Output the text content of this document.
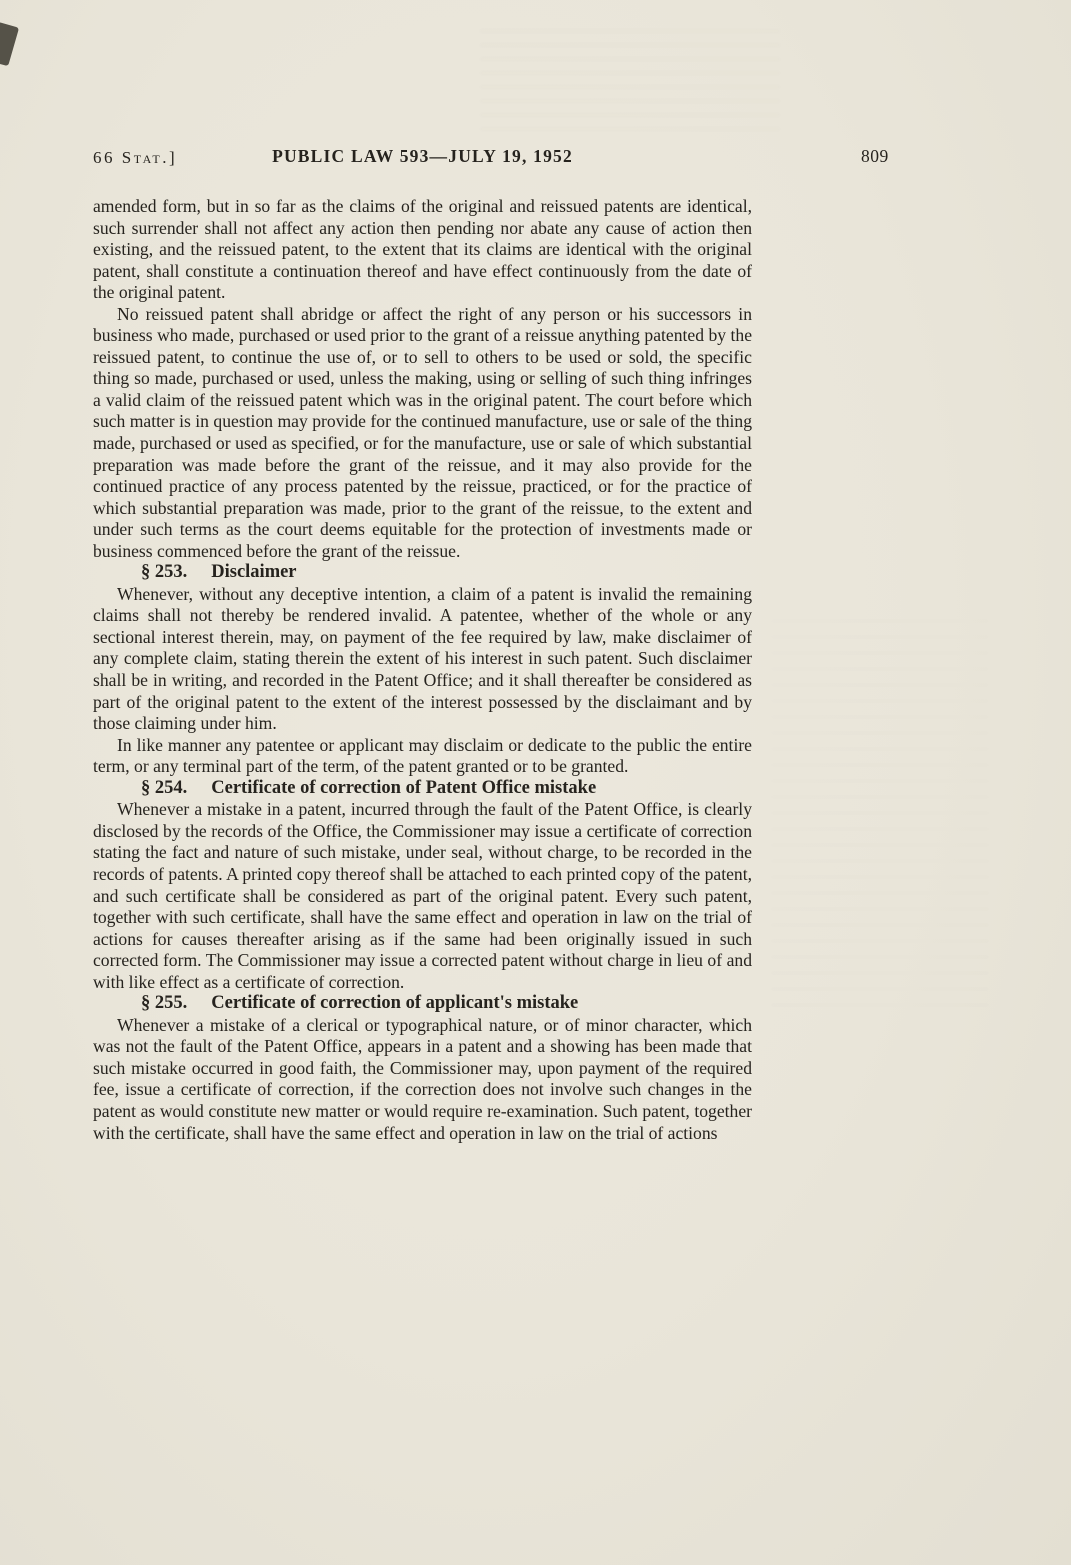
66 Stat.]	PUBLIC LAW 593—JULY 19, 1952	809

amended form, but in so far as the claims of the original and reissued patents are identical, such surrender shall not affect any action then pending nor abate any cause of action then existing, and the reissued patent, to the extent that its claims are identical with the original patent, shall constitute a continuation thereof and have effect continuously from the date of the original patent.

No reissued patent shall abridge or affect the right of any person or his successors in business who made, purchased or used prior to the grant of a reissue anything patented by the reissued patent, to continue the use of, or to sell to others to be used or sold, the specific thing so made, purchased or used, unless the making, using or selling of such thing infringes a valid claim of the reissued patent which was in the original patent. The court before which such matter is in question may provide for the continued manufacture, use or sale of the thing made, purchased or used as specified, or for the manufacture, use or sale of which substantial preparation was made before the grant of the reissue, and it may also provide for the continued practice of any process patented by the reissue, practiced, or for the practice of which substantial preparation was made, prior to the grant of the reissue, to the extent and under such terms as the court deems equitable for the protection of investments made or business commenced before the grant of the reissue.

§ 253. Disclaimer

Whenever, without any deceptive intention, a claim of a patent is invalid the remaining claims shall not thereby be rendered invalid. A patentee, whether of the whole or any sectional interest therein, may, on payment of the fee required by law, make disclaimer of any complete claim, stating therein the extent of his interest in such patent. Such disclaimer shall be in writing, and recorded in the Patent Office; and it shall thereafter be considered as part of the original patent to the extent of the interest possessed by the disclaimant and by those claiming under him.

In like manner any patentee or applicant may disclaim or dedicate to the public the entire term, or any terminal part of the term, of the patent granted or to be granted.

§ 254. Certificate of correction of Patent Office mistake

Whenever a mistake in a patent, incurred through the fault of the Patent Office, is clearly disclosed by the records of the Office, the Commissioner may issue a certificate of correction stating the fact and nature of such mistake, under seal, without charge, to be recorded in the records of patents. A printed copy thereof shall be attached to each printed copy of the patent, and such certificate shall be considered as part of the original patent. Every such patent, together with such certificate, shall have the same effect and operation in law on the trial of actions for causes thereafter arising as if the same had been originally issued in such corrected form. The Commissioner may issue a corrected patent without charge in lieu of and with like effect as a certificate of correction.

§ 255. Certificate of correction of applicant's mistake

Whenever a mistake of a clerical or typographical nature, or of minor character, which was not the fault of the Patent Office, appears in a patent and a showing has been made that such mistake occurred in good faith, the Commissioner may, upon payment of the required fee, issue a certificate of correction, if the correction does not involve such changes in the patent as would constitute new matter or would require re-examination. Such patent, together with the certificate, shall have the same effect and operation in law on the trial of actions
